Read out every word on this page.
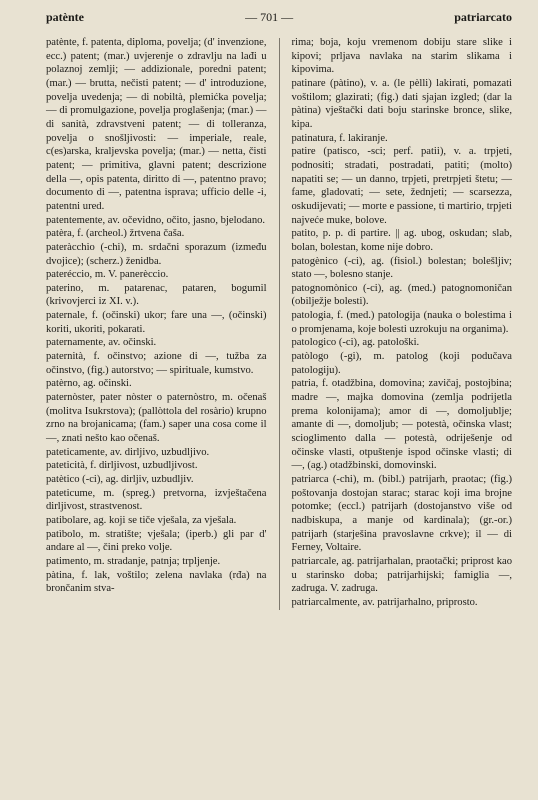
patènte	— 701 —	patriarcato

patènte, f. patenta, diploma, povelja; (d' invenzione, ecc.) patent; (mar.) uvjerenje o zdravlju na lađi u polaznoj zemlji; — addizionale, poredni patent; (mar.) — brutta, nečisti patent; — d' introduzione, povelja uvedenja; — di nobiltà, plemićka povelja; — di promulgazione, povelja proglašenja; (mar.) — di sanità, zdravstveni patent; — di tolleranza, povelja o snošljivosti: — imperiale, reale, c(es)arska, kraljevska povelja; (mar.) — netta, čisti patent; — primitiva, glavni patent; descrizione della —, opis patenta, diritto di —, patentno pravo; documento di —, patentna isprava; ufficio delle -i, patentni ured.

patentemente, av. očevidno, očito, jasno, bjelodano.

patèra, f. (archeol.) žrtvena čaša.

pateràcchio (-chi), m. srdačni sporazum (između dvojice); (scherz.) ženidba.

pateréccio, m. V. panerèccio.

paterino, m. patarenac, pataren, bogumil (krivovjerci iz XI. v.).

paternale, f. (očinski) ukor; fare una —, (očinski) koriti, ukoriti, pokarati.

paternamente, av. očinski.

paternità, f. očinstvo; azione di —, tužba za očinstvo, (fig.) autorstvo; — spirituale, kumstvo.

patèrno, ag. očinski.

paternòster, pater nòster o paternòstro, m. očenaš (molitva Isukrstova); (pallòttola del rosàrio) krupno zrno na brojanicama; (fam.) saper una cosa come il —, znati nešto kao očenaš.

pateticamente, av. dirljivo, uzbudljivo.

pateticità, f. dirljivost, uzbudljivost.

patètico (-ci), ag. dirljiv, uzbudljiv.

pateticume, m. (spreg.) pretvorna, izvještačena dirljivost, strastvenost.

patibolare, ag. koji se tiče vješala, za vješala.

patìbolo, m. stratište; vješala; (iperb.) gli par d' andare al —, čini preko volje.

patimento, m. stradanje, patnja; trpljenje.

pàtina, f. lak, voštilo; zelena navlaka (rđa) na brončanim stva-

rima; boja, koju vremenom dobiju stare slike i kipovi; prljava navlaka na starim slikama i kipovima.

patinare (pàtino), v. a. (le pèlli) lakirati, pomazati voštilom; glazirati; (fig.) dati sjajan izgled; (dar la pàtina) vještački dati boju starinske bronce, slike, kipa.

patinatura, f. lakiranje.

patire (patisco, -sci; perf. patii), v. a. trpjeti, podnositi; stradati, postradati, patiti; (molto) napatiti se; — un danno, trpjeti, pretrpjeti štetu; — fame, gladovati; — sete, žednjeti; — scarsezza, oskudijevati; — morte e passione, ti martirio, trpjeti najveće muke, bolove.

patito, p. p. di partire. || ag. ubog, oskudan; slab, bolan, bolestan, kome nije dobro.

patogènico (-ci), ag. (fisiol.) bolestan; bolešljiv; stato —, bolesno stanje.

patognomònico (-ci), ag. (med.) patognomoničan (obilježje bolesti).

patologia, f. (med.) patologija (nauka o bolestima i o promjenama, koje bolesti uzrokuju na organima).

patologico (-ci), ag. patološki.

patòlogo (-gi), m. patolog (koji podučava patologiju).

patria, f. otadžbina, domovina; zavičaj, postojbina; madre —, majka domovina (zemlja podrijetla prema kolonijama); amor di —, domoljublje; amante di —, domoljub; — potestà, očinska vlast; scioglimento dalla — potestà, odriješenje od očinske vlasti, otpuštenje ispod očinske vlasti; di —, (ag.) otadžbinski, domovinski.

patriarca (-chi), m. (bibl.) patrijarh, praotac; (fig.) poštovanja dostojan starac; starac koji ima brojne potomke; (eccl.) patrijarh (dostojanstvo više od nadbiskupa, a manje od kardinala); (gr.-or.) patrijarh (starješina pravoslavne crkve); il — di Ferney, Voltaire.

patriarcale, ag. patrijarhalan, praotački; priprost kao u starinsko doba; patrijarhijski; famiglia —, zadruga. V. zadruga.

patriarcalmente, av. patrijarhalno, priprosto.
